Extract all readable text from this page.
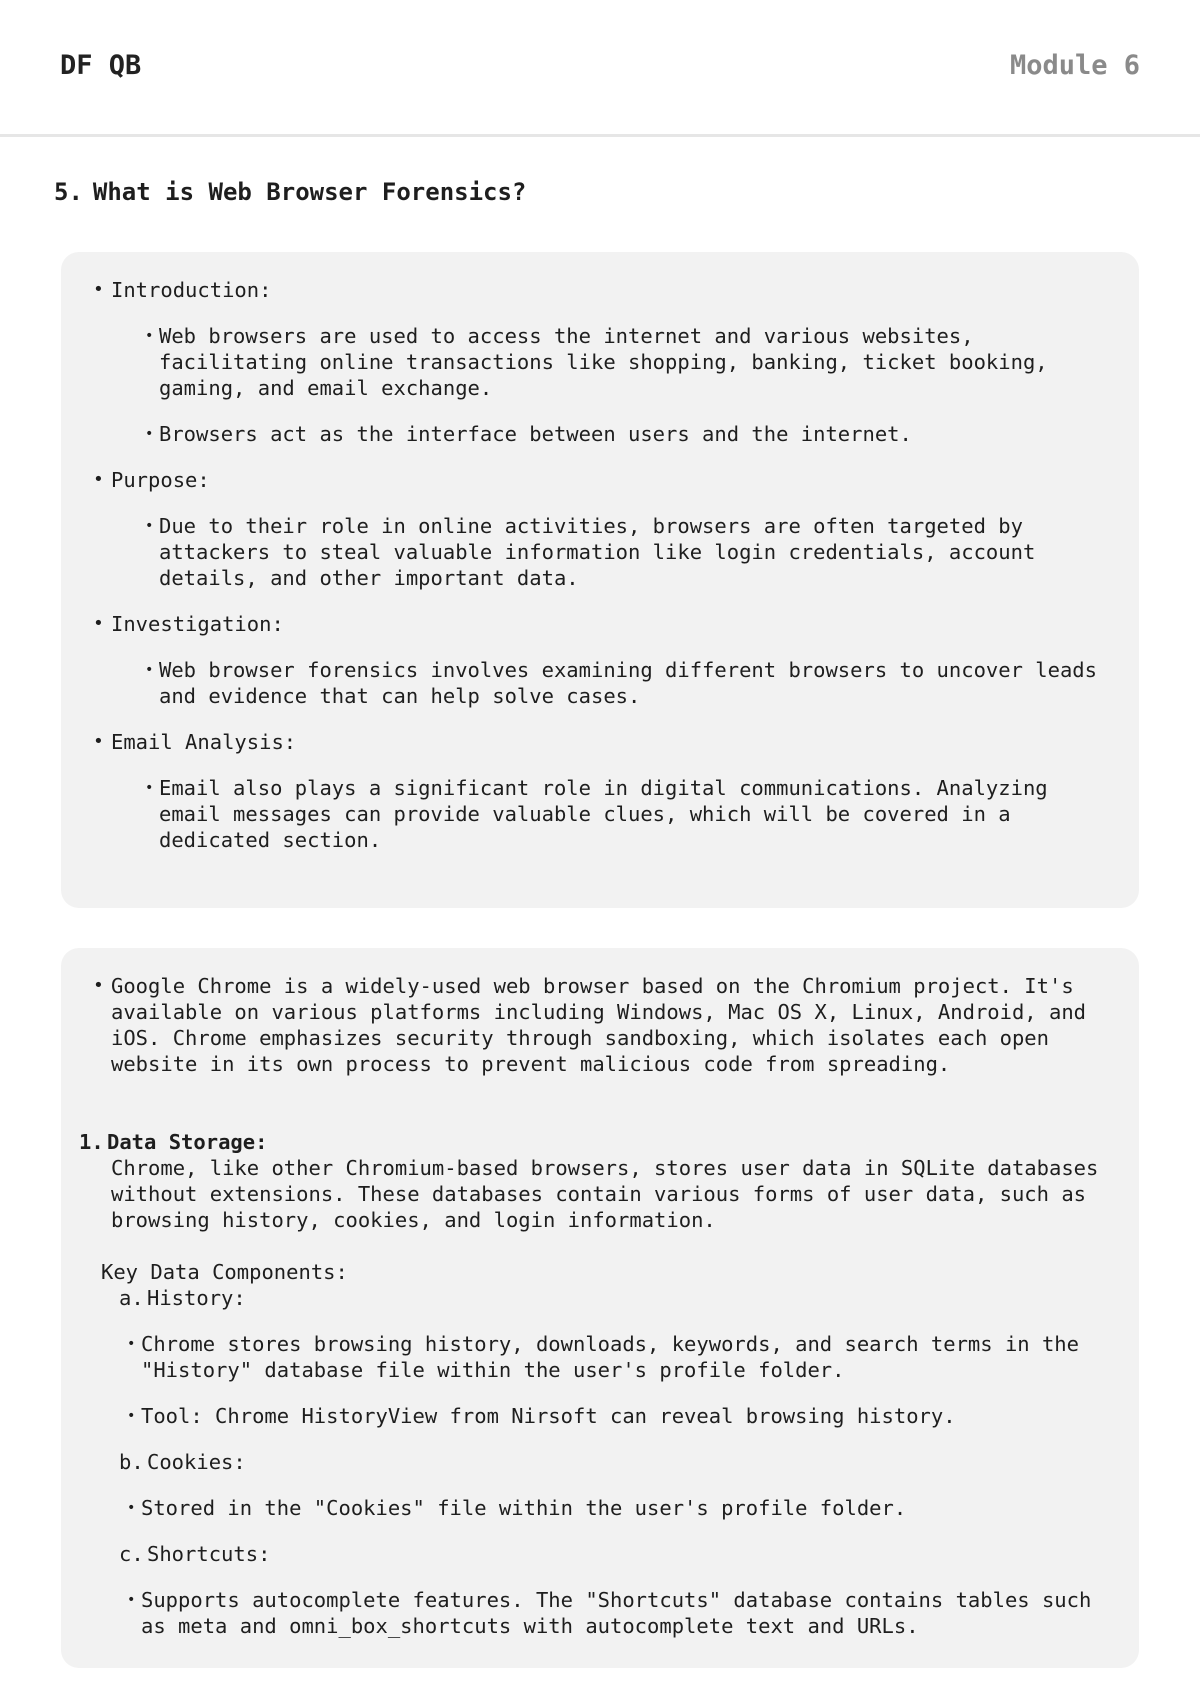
DF QB	Module 6
5. What is Web Browser Forensics?
• Introduction:
• Web browsers are used to access the internet and various websites, facilitating online transactions like shopping, banking, ticket booking, gaming, and email exchange.
• Browsers act as the interface between users and the internet.
• Purpose:
• Due to their role in online activities, browsers are often targeted by attackers to steal valuable information like login credentials, account details, and other important data.
• Investigation:
• Web browser forensics involves examining different browsers to uncover leads and evidence that can help solve cases.
• Email Analysis:
• Email also plays a significant role in digital communications. Analyzing email messages can provide valuable clues, which will be covered in a dedicated section.
• Google Chrome is a widely-used web browser based on the Chromium project. It's available on various platforms including Windows, Mac OS X, Linux, Android, and iOS. Chrome emphasizes security through sandboxing, which isolates each open website in its own process to prevent malicious code from spreading.
1. Data Storage:
Chrome, like other Chromium-based browsers, stores user data in SQLite databases without extensions. These databases contain various forms of user data, such as browsing history, cookies, and login information.
Key Data Components:
a. History:
• Chrome stores browsing history, downloads, keywords, and search terms in the "History" database file within the user's profile folder.
• Tool: Chrome HistoryView from Nirsoft can reveal browsing history.
b. Cookies:
• Stored in the "Cookies" file within the user's profile folder.
c. Shortcuts:
• Supports autocomplete features. The "Shortcuts" database contains tables such as meta and omni_box_shortcuts with autocomplete text and URLs.
